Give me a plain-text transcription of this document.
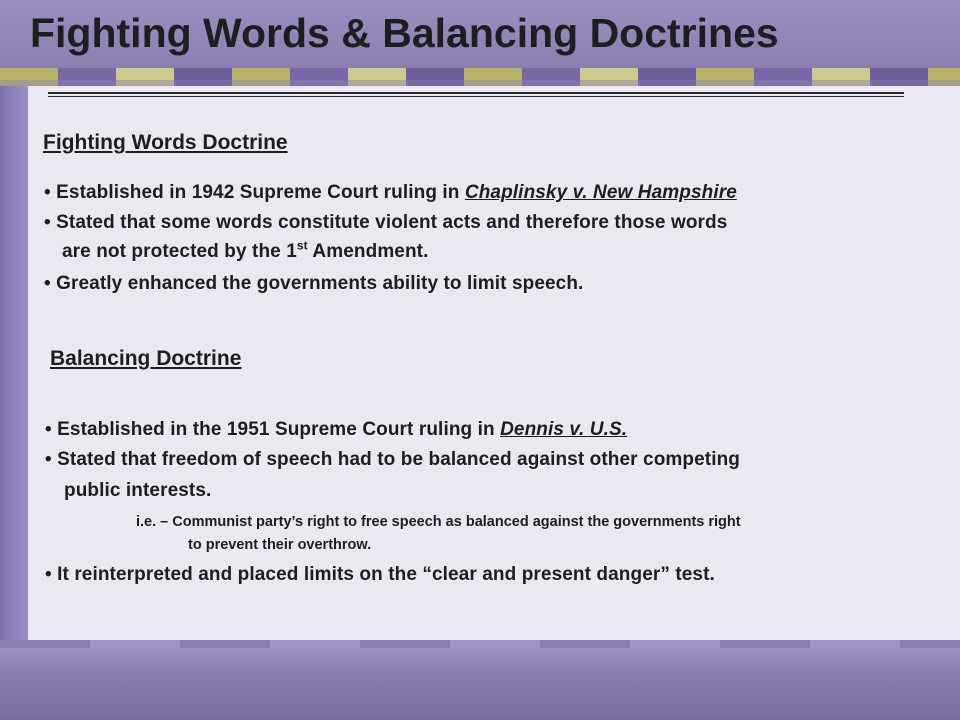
Fighting Words & Balancing Doctrines
Fighting Words Doctrine

• Established in 1942 Supreme Court ruling in Chaplinsky v. New Hampshire

• Stated that some words constitute violent acts and therefore those words

are not protected by the 1st Amendment.

• Greatly enhanced the governments ability to limit speech.

Balancing Doctrine

• Established in the 1951 Supreme Court ruling in Dennis v. U.S.

• Stated that freedom of speech had to be balanced against other competing

public interests.

i.e. – Communist party’s right to free speech as balanced against the governments right

to prevent their overthrow.

• It reinterpreted and placed limits on the “clear and present danger” test.
